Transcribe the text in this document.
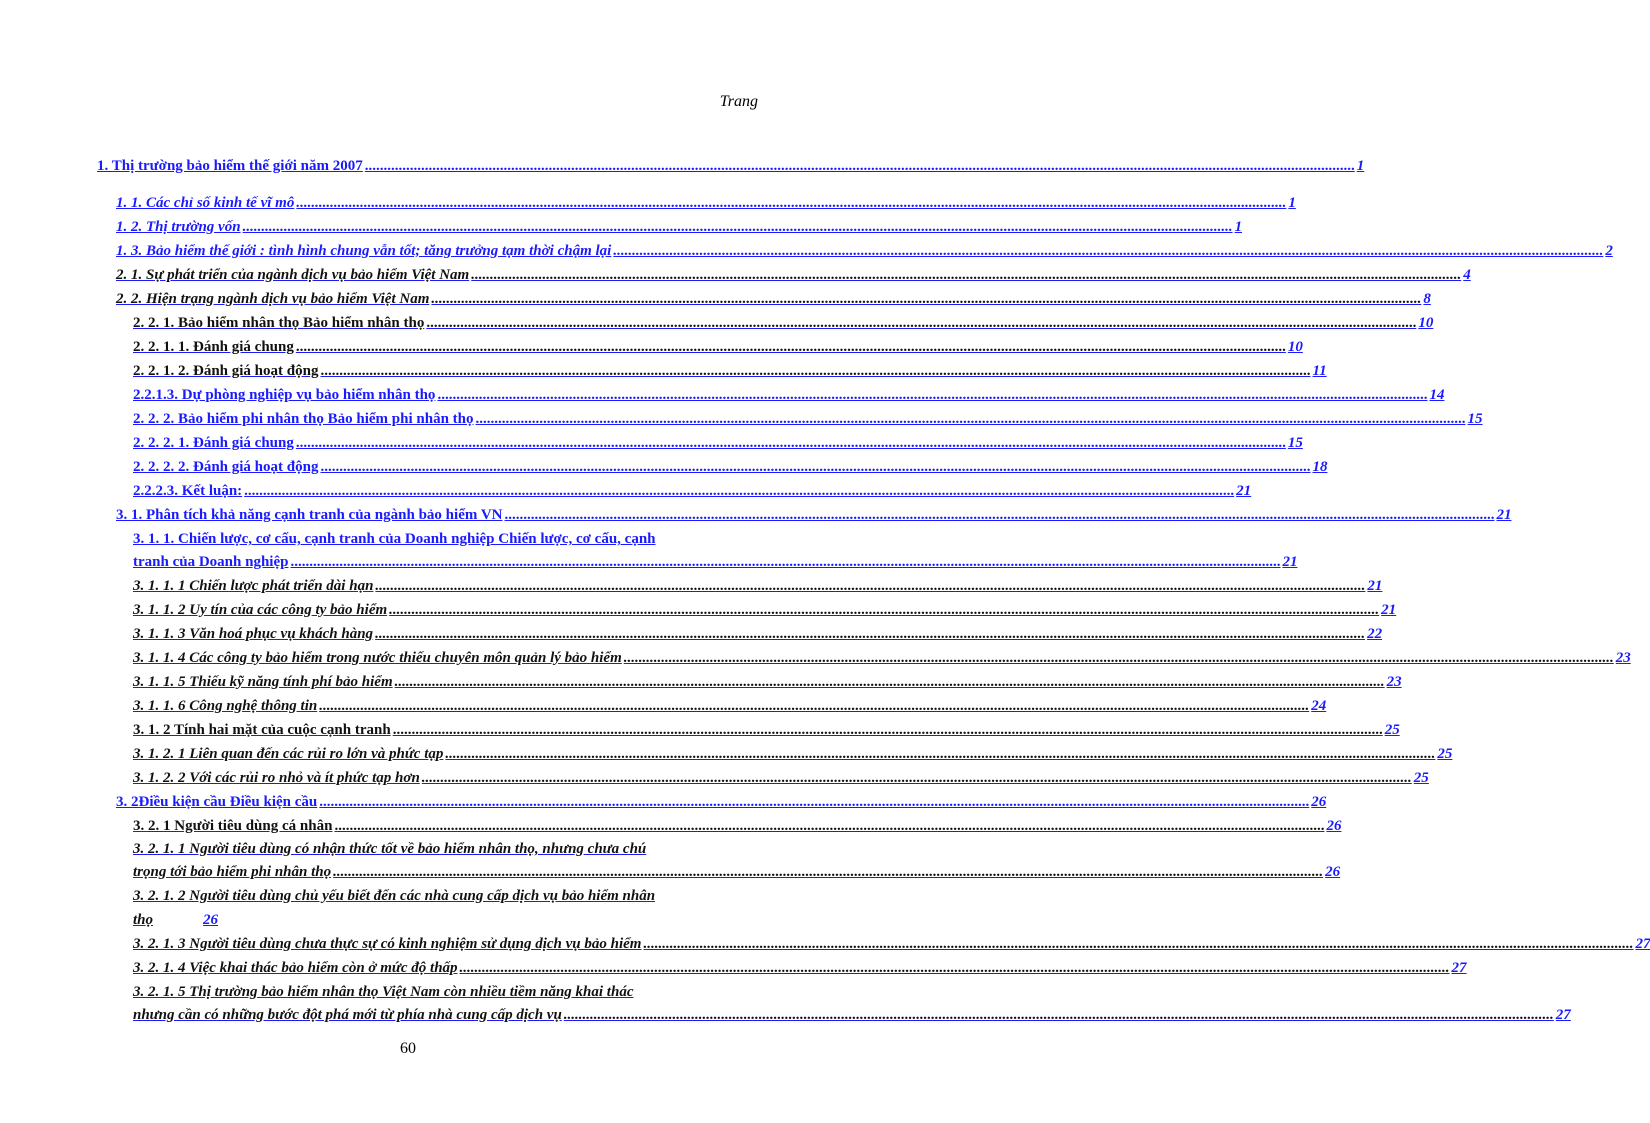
Trang
1. Thị trường bảo hiểm thế giới năm 2007 .....	1
1. 1. Các chỉ số kinh tế vĩ mô .....	1
1. 2. Thị trường vốn .....	1
1. 3. Bảo hiểm thế giới : tình hình chung vẫn tốt; tăng trưởng tạm thời chậm lại .....	2
2. 1. Sự phát triển của ngành dịch vụ bảo hiểm Việt Nam .....	4
2. 2. Hiện trạng ngành dịch vụ bảo hiểm Việt Nam .....	8
2. 2. 1. Bảo hiểm nhân thọ Bảo hiểm nhân thọ .....	10
2. 2. 1. 1. Đánh giá chung .....	10
2. 2. 1. 2. Đánh giá hoạt động .....	11
2.2.1.3. Dự phòng nghiệp vụ bảo hiểm nhân thọ .....	14
2. 2. 2. Bảo hiểm phi nhân thọ Bảo hiểm phi nhân thọ .....	15
2. 2. 2. 1. Đánh giá chung .....	15
2. 2. 2. 2. Đánh giá hoạt động .....	18
2.2.2.3. Kết luận: .....	21
3. 1. Phân tích khả năng cạnh tranh của ngành bảo hiểm VN .....	21
3. 1. 1. Chiến lược, cơ cấu, cạnh tranh của Doanh nghiệp Chiến lược, cơ cấu, cạnh
tranh của Doanh nghiệp .....	21
3. 1. 1. 1 Chiến lược phát triển dài hạn .....	21
3. 1. 1. 2 Uy tín của các công ty bảo hiểm .....	21
3. 1. 1. 3 Văn hoá phục vụ khách hàng .....	22
3. 1. 1. 4 Các công ty bảo hiểm trong nước thiếu chuyên môn quản lý bảo hiểm .....	23
3. 1. 1. 5 Thiếu kỹ năng tính phí bảo hiểm .....	23
3. 1. 1. 6 Công nghệ thông tin .....	24
3. 1. 2 Tính hai mặt của cuộc cạnh tranh .....	25
3. 1. 2. 1 Liên quan đến các rủi ro lớn và phức tạp .....	25
3. 1. 2. 2 Với các rủi ro nhỏ và ít phức tạp hơn .....	25
3. 2Điều kiện cầu Điều kiện cầu .....	26
3. 2. 1 Người tiêu dùng cá nhân .....	26
3. 2. 1. 1 Người tiêu dùng có nhận thức tốt về bảo hiểm nhân thọ, nhưng chưa chú
trọng tới bảo hiểm phi nhân thọ .....	26
3. 2. 1. 2 Người tiêu dùng chủ yếu biết đến các nhà cung cấp dịch vụ bảo hiểm nhân
thọ	26
3. 2. 1. 3 Người tiêu dùng chưa thực sự có kinh nghiệm sử dụng dịch vụ bảo hiểm .....	27
3. 2. 1. 4 Việc khai thác bảo hiểm còn ở mức độ thấp .....	27
3. 2. 1. 5 Thị trường bảo hiểm nhân thọ Việt Nam còn nhiều tiềm năng khai thác
nhưng cần có những bước đột phá mới từ phía nhà cung cấp dịch vụ .....	27
60
